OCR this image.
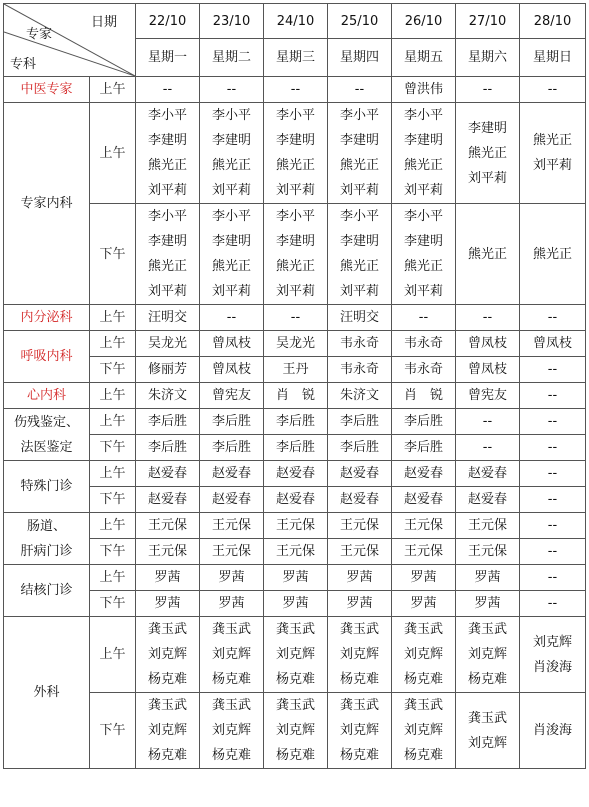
日期
专家
专科		22/10	23/10	24/10	25/10	26/10	27/10	28/10
		星期一	星期二	星期三	星期四	星期五	星期六	星期日
中医专家	上午	--	--	--	--	曾洪伟	--	--

专家内科	上午	李小平
李建明
熊光正
刘平莉	李小平
李建明
熊光正
刘平莉	李小平
李建明
熊光正
刘平莉	李小平
李建明
熊光正
刘平莉	李小平
李建明
熊光正
刘平莉	李建明
熊光正
刘平莉	熊光正
刘平莉

	下午	李小平
李建明
熊光正
刘平莉	李小平
李建明
熊光正
刘平莉	李小平
李建明
熊光正
刘平莉	李小平
李建明
熊光正
刘平莉	李小平
李建明
熊光正
刘平莉	熊光正	熊光正

内分泌科	上午	汪明交	--	--	汪明交	--	--	--

呼吸内科	上午	吴龙光	曾凤枝	吴龙光	韦永奇	韦永奇	曾凤枝	曾凤枝

	下午	修丽芳	曾凤枝	王丹	韦永奇	韦永奇	曾凤枝	--

心内科	上午	朱济文	曾宪友	肖　锐	朱济文	肖　锐	曾宪友	--

伤残鉴定、
法医鉴定	上午	李后胜	李后胜	李后胜	李后胜	李后胜	--	--

	下午	李后胜	李后胜	李后胜	李后胜	李后胜	--	--

特殊门诊	上午	赵爱春	赵爱春	赵爱春	赵爱春	赵爱春	赵爱春	--

	下午	赵爱春	赵爱春	赵爱春	赵爱春	赵爱春	赵爱春	--

肠道、
肝病门诊	上午	王元保	王元保	王元保	王元保	王元保	王元保	--

	下午	王元保	王元保	王元保	王元保	王元保	王元保	--

结核门诊	上午	罗茜	罗茜	罗茜	罗茜	罗茜	罗茜	--

	下午	罗茜	罗茜	罗茜	罗茜	罗茜	罗茜	--

外科	上午	龚玉武
刘克辉
杨克难	龚玉武
刘克辉
杨克难	龚玉武
刘克辉
杨克难	龚玉武
刘克辉
杨克难	龚玉武
刘克辉
杨克难	龚玉武
刘克辉
杨克难	刘克辉
肖浚海

	下午	龚玉武
刘克辉
杨克难	龚玉武
刘克辉
杨克难	龚玉武
刘克辉
杨克难	龚玉武
刘克辉
杨克难	龚玉武
刘克辉
杨克难	龚玉武
刘克辉	肖浚海
